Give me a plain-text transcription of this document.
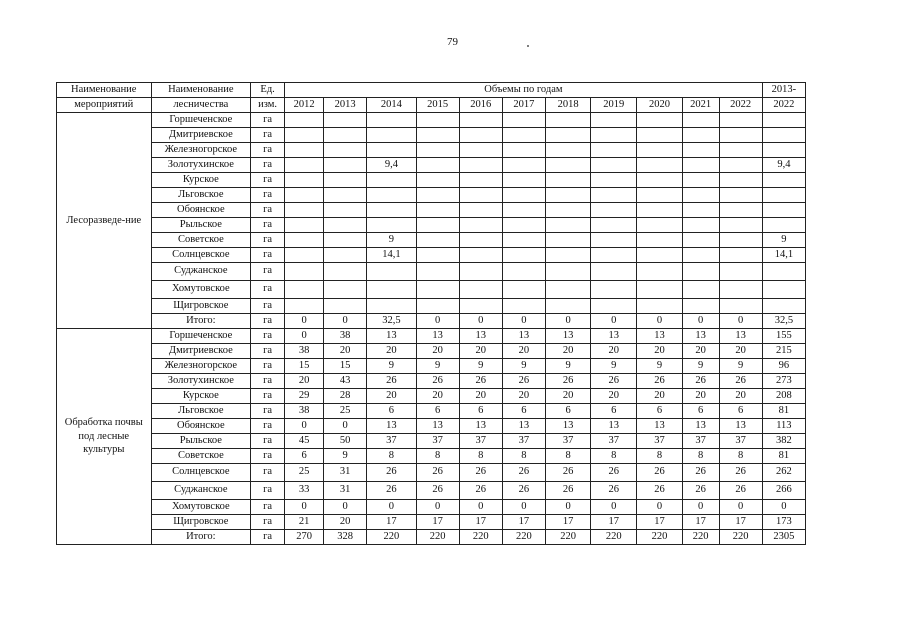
79
Наименование	Наименование	Ед.	Объемы по годам											2013-
мероприятий	лесничества	изм.	2012	2013	2014	2015	2016	2017	2018	2019	2020	2021	2022	2022
Лесоразведе-ние	Горшеченское	га												
	Дмитриевское	га												
	Железногорское	га												
	Золотухинское	га			9,4									9,4
	Курское	га												
	Льговское	га												
	Обоянское	га												
	Рыльское	га												
	Советское	га			9									9
	Солнцевское	га			14,1									14,1
	Суджанское	га												
	Хомутовское	га												
	Щигровское	га												
	Итого:	га	0	0	32,5	0	0	0	0	0	0	0	0	32,5
Обработка почвы под лесные культуры	Горшеченское	га	0	38	13	13	13	13	13	13	13	13	13	155
	Дмитриевское	га	38	20	20	20	20	20	20	20	20	20	20	215
	Железногорское	га	15	15	9	9	9	9	9	9	9	9	9	96
	Золотухинское	га	20	43	26	26	26	26	26	26	26	26	26	273
	Курское	га	29	28	20	20	20	20	20	20	20	20	20	208
	Льговское	га	38	25	6	6	6	6	6	6	6	6	6	81
	Обоянское	га	0	0	13	13	13	13	13	13	13	13	13	113
	Рыльское	га	45	50	37	37	37	37	37	37	37	37	37	382
	Советское	га	6	9	8	8	8	8	8	8	8	8	8	81
	Солнцевское	га	25	31	26	26	26	26	26	26	26	26	26	262
	Суджанское	га	33	31	26	26	26	26	26	26	26	26	26	266
	Хомутовское	га	0	0	0	0	0	0	0	0	0	0	0	0
	Щигровское	га	21	20	17	17	17	17	17	17	17	17	17	173
	Итого:	га	270	328	220	220	220	220	220	220	220	220	220	2305
